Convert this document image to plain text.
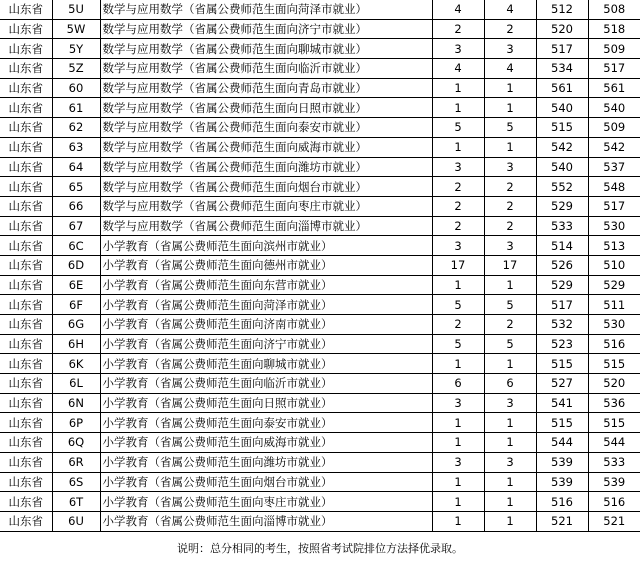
山东省	5U	数学与应用数学（省属公费师范生面向菏泽市就业）	4	4	512	508
山东省	5W	数学与应用数学（省属公费师范生面向济宁市就业）	2	2	520	518
山东省	5Y	数学与应用数学（省属公费师范生面向聊城市就业）	3	3	517	509
山东省	5Z	数学与应用数学（省属公费师范生面向临沂市就业）	4	4	534	517
山东省	60	数学与应用数学（省属公费师范生面向青岛市就业）	1	1	561	561
山东省	61	数学与应用数学（省属公费师范生面向日照市就业）	1	1	540	540
山东省	62	数学与应用数学（省属公费师范生面向泰安市就业）	5	5	515	509
山东省	63	数学与应用数学（省属公费师范生面向威海市就业）	1	1	542	542
山东省	64	数学与应用数学（省属公费师范生面向潍坊市就业）	3	3	540	537
山东省	65	数学与应用数学（省属公费师范生面向烟台市就业）	2	2	552	548
山东省	66	数学与应用数学（省属公费师范生面向枣庄市就业）	2	2	529	517
山东省	67	数学与应用数学（省属公费师范生面向淄博市就业）	2	2	533	530
山东省	6C	小学教育（省属公费师范生面向滨州市就业）	3	3	514	513
山东省	6D	小学教育（省属公费师范生面向德州市就业）	17	17	526	510
山东省	6E	小学教育（省属公费师范生面向东营市就业）	1	1	529	529
山东省	6F	小学教育（省属公费师范生面向菏泽市就业）	5	5	517	511
山东省	6G	小学教育（省属公费师范生面向济南市就业）	2	2	532	530
山东省	6H	小学教育（省属公费师范生面向济宁市就业）	5	5	523	516
山东省	6K	小学教育（省属公费师范生面向聊城市就业）	1	1	515	515
山东省	6L	小学教育（省属公费师范生面向临沂市就业）	6	6	527	520
山东省	6N	小学教育（省属公费师范生面向日照市就业）	3	3	541	536
山东省	6P	小学教育（省属公费师范生面向泰安市就业）	1	1	515	515
山东省	6Q	小学教育（省属公费师范生面向威海市就业）	1	1	544	544
山东省	6R	小学教育（省属公费师范生面向潍坊市就业）	3	3	539	533
山东省	6S	小学教育（省属公费师范生面向烟台市就业）	1	1	539	539
山东省	6T	小学教育（省属公费师范生面向枣庄市就业）	1	1	516	516
山东省	6U	小学教育（省属公费师范生面向淄博市就业）	1	1	521	521
说明：总分相同的考生，按照省考试院排位方法择优录取。
